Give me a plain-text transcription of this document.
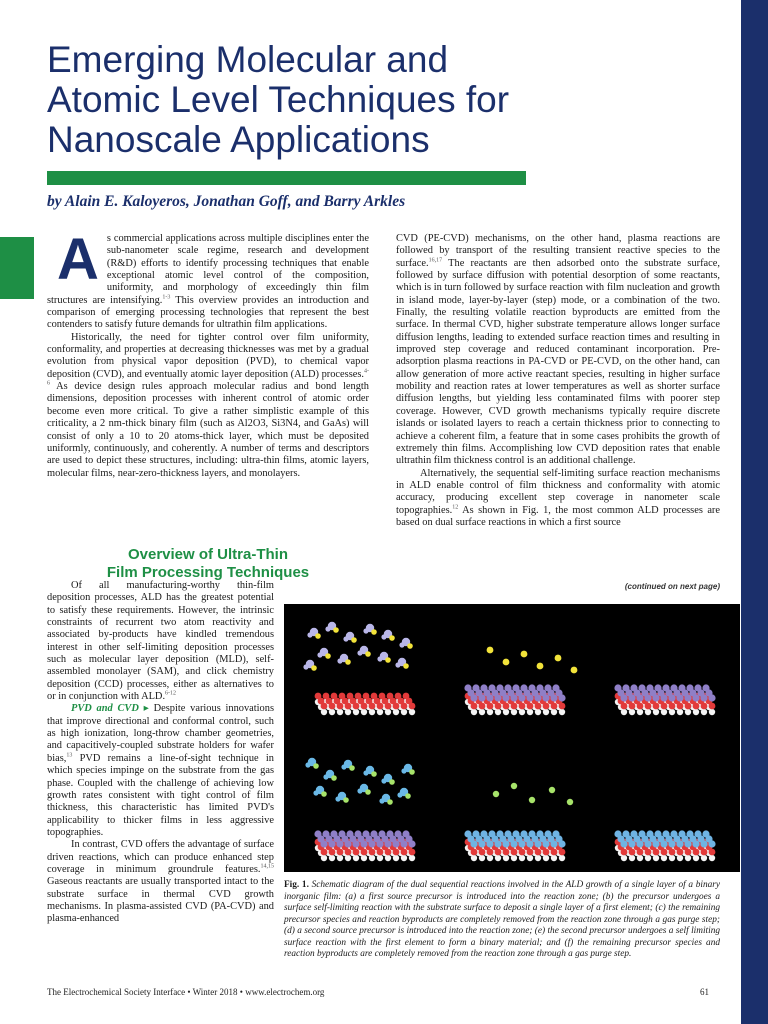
Emerging Molecular and
Atomic Level Techniques for
Nanoscale Applications
by Alain E. Kaloyeros, Jonathan Goff, and Barry Arkles

As commercial applications across multiple disciplines enter the sub-nanometer scale regime, research and development (R&D) efforts to identify processing techniques that enable exceptional atomic level control of the composition, uniformity, and morphology of exceedingly thin film structures are intensifying.$^{1-3}$ This overview provides an introduction and comparison of emerging processing technologies that represent the best contenders to satisfy future demands for ultrathin film applications.

Historically, the need for tighter control over film uniformity, conformality, and properties at decreasing thicknesses was met by a gradual evolution from physical vapor deposition (PVD), to chemical vapor deposition (CVD), and eventually atomic layer deposition (ALD) processes.$^{4-6}$ As device design rules approach molecular radius and bond length dimensions, deposition processes with inherent control of atomic order become even more critical. To give a rather simplistic example of this criticality, a 2 nm-thick binary film (such as Al2O3, Si3N4, and GaAs) will consist of only a 10 to 20 atoms-thick layer, which must be deposited uniformly, continuously, and coherently. A number of terms and descriptors are used to depict these structures, including: ultra-thin films, atomic layers, molecular films, near-zero-thickness layers, and monolayers.

Overview of Ultra-Thin
Film Processing Techniques

Of all manufacturing-worthy thin-film deposition processes, ALD has the greatest potential to satisfy these requirements. However, the intrinsic constraints of recurrent two atom reactivity and associated by-products have kindled tremendous interest in other self-limiting deposition processes such as molecular layer deposition (MLD), self-assembled monolayer (SAM), and click chemistry deposition (CCD) processes, either as alternatives to or in conjunction with ALD.$^{6-12}$

PVD and CVD ▸ Despite various innovations that improve directional and conformal control, such as high ionization, long-throw chamber geometries, and capacitively-coupled substrate holders for wafer bias,$^{13}$ PVD remains a line-of-sight technique in which species impinge on the substrate from the gas phase. Coupled with the challenge of achieving low growth rates consistent with tight control of film thickness, this characteristic has limited PVD's applicability to thicker films in less aggressive topographies.

In contrast, CVD offers the advantage of surface driven reactions, which can produce enhanced step coverage in minimum groundrule features.$^{14,15}$ Gaseous reactants are usually transported intact to the substrate surface in thermal CVD growth mechanisms. In plasma-assisted CVD (PA-CVD) and plasma-enhanced

CVD (PE-CVD) mechanisms, on the other hand, plasma reactions are followed by transport of the resulting transient reactive species to the surface.$^{16,17}$ The reactants are then adsorbed onto the substrate surface, followed by surface diffusion with potential desorption of some reactants, which is in turn followed by surface reaction with film nucleation and growth in island mode, layer-by-layer (step) mode, or a combination of the two. Finally, the resulting volatile reaction byproducts are emitted from the surface. In thermal CVD, higher substrate temperature allows longer surface diffusion lengths, leading to extended surface reaction times and resulting in improved step coverage and reduced contaminant incorporation. Pre-adsorption plasma reactions in PA-CVD or PE-CVD, on the other hand, can allow generation of more active reactant species, resulting in higher surface mobility and reaction rates at lower temperatures as well as shorter surface diffusion lengths, but yielding less contaminated films with poorer step coverage. However, CVD growth mechanisms typically require discrete islands or isolated layers to reach a certain thickness prior to connecting to achieve a coherent film, a feature that in some cases prohibits the growth of extremely thin films. Accomplishing low CVD deposition rates that enable ultrathin film thickness control is an additional challenge.

Alternatively, the sequential self-limiting surface reaction mechanisms in ALD enable control of film thickness and conformality with atomic accuracy, producing excellent step coverage in nanometer scale topographies.$^{12}$ As shown in Fig. 1, the most common ALD processes are based on dual surface reactions in which a first source

(continued on next page)
Fig. 1. Schematic diagram of the dual sequential reactions involved in the ALD growth of a single layer of a binary inorganic film: (a) a first source precursor is introduced into the reaction zone; (b) the precursor undergoes a surface self-limiting reaction with the substrate surface to deposit a single layer of a first element; (c) the remaining precursor species and reaction byproducts are completely removed from the reaction zone through a gas purge step; (d) a second source precursor is introduced into the reaction zone; (e) the second precursor undergoes a self limiting surface reaction with the first element to form a binary material; and (f) the remaining precursor species and reaction byproducts are completely removed from the reaction zone through a gas purge step.
The Electrochemical Society Interface • Winter 2018 • www.electrochem.org	61
